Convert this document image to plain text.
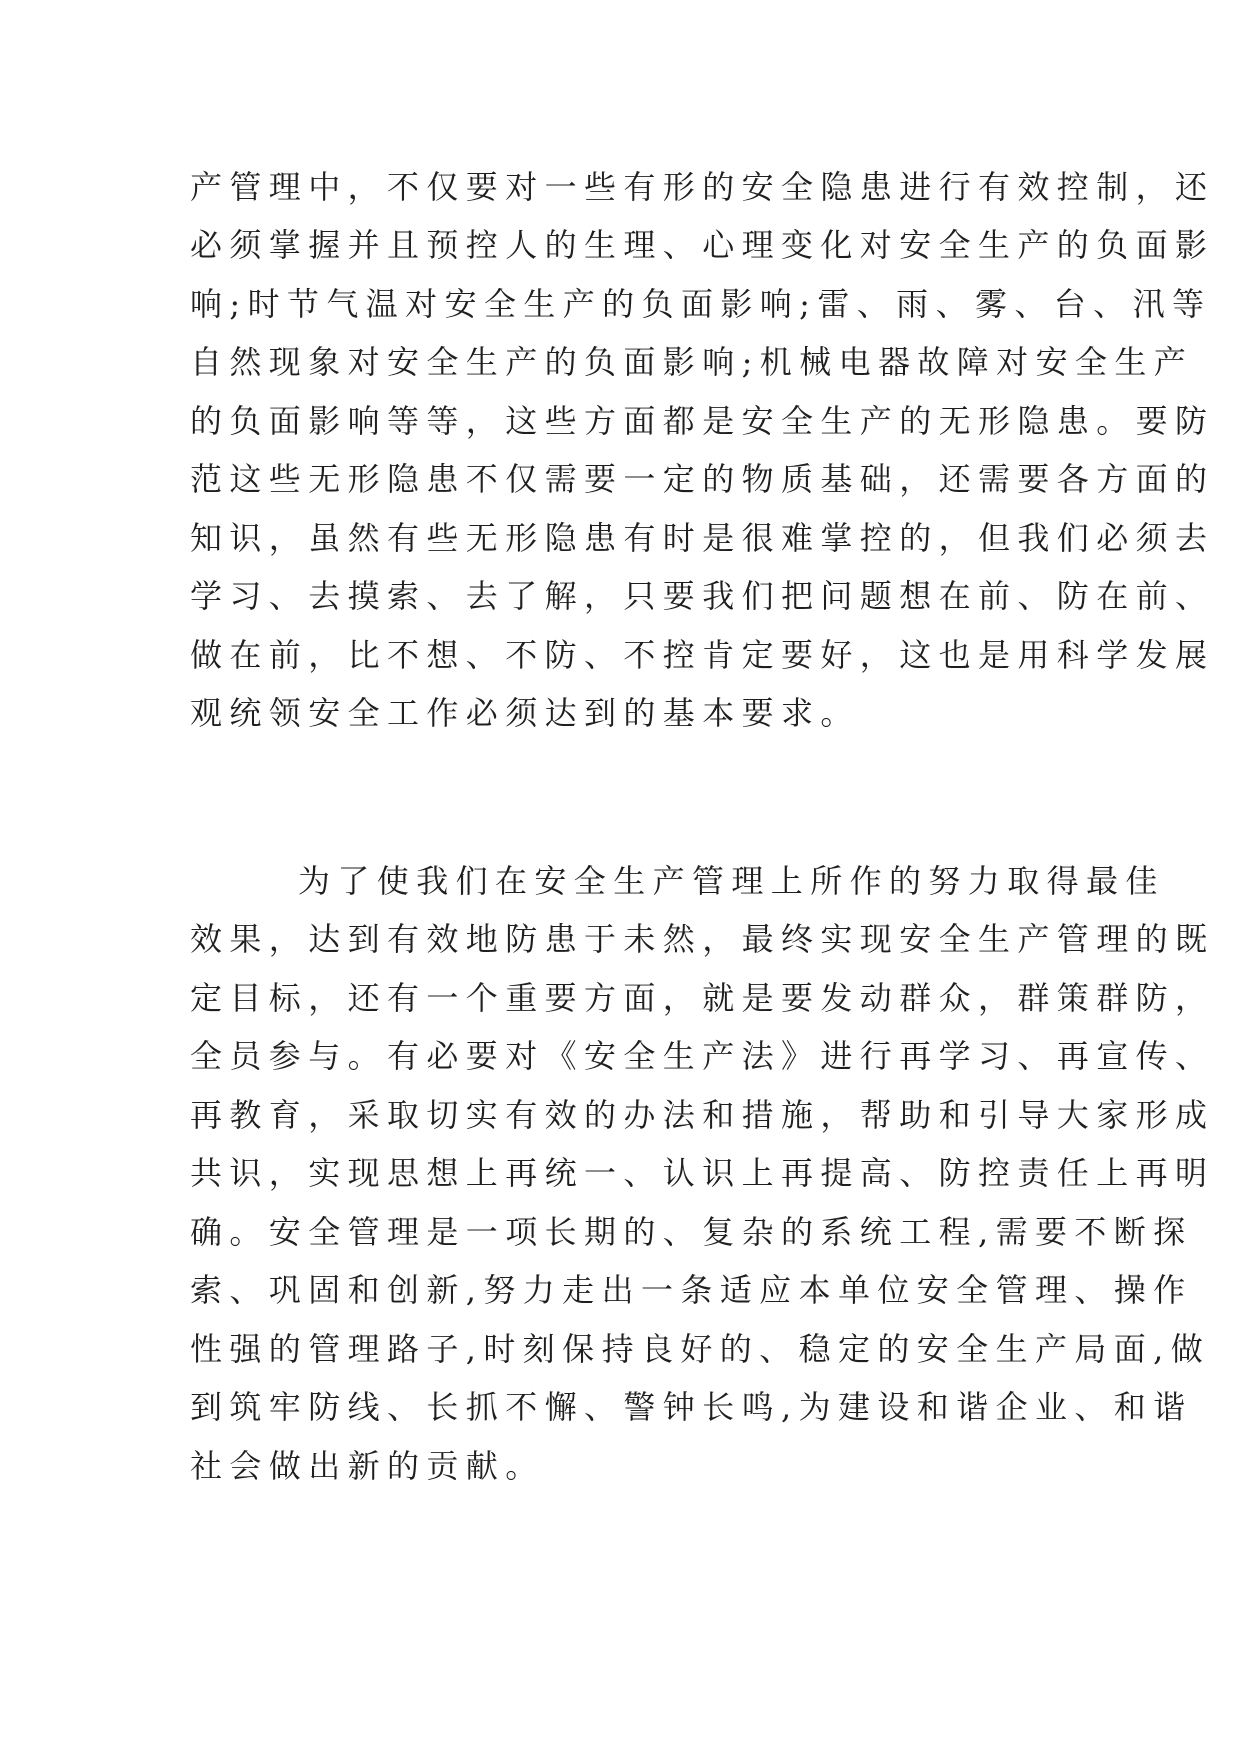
产管理中，不仅要对一些有形的安全隐患进行有效控制，还
必须掌握并且预控人的生理、心理变化对安全生产的负面影
响;时节气温对安全生产的负面影响;雷、雨、雾、台、汛等
自然现象对安全生产的负面影响;机械电器故障对安全生产
的负面影响等等，这些方面都是安全生产的无形隐患。要防
范这些无形隐患不仅需要一定的物质基础，还需要各方面的
知识，虽然有些无形隐患有时是很难掌控的，但我们必须去
学习、去摸索、去了解，只要我们把问题想在前、防在前、
做在前，比不想、不防、不控肯定要好，这也是用科学发展
观统领安全工作必须达到的基本要求。
为了使我们在安全生产管理上所作的努力取得最佳
效果，达到有效地防患于未然，最终实现安全生产管理的既
定目标，还有一个重要方面，就是要发动群众，群策群防，
全员参与。有必要对《安全生产法》进行再学习、再宣传、
再教育，采取切实有效的办法和措施，帮助和引导大家形成
共识，实现思想上再统一、认识上再提高、防控责任上再明
确。安全管理是一项长期的、复杂的系统工程,需要不断探
索、巩固和创新,努力走出一条适应本单位安全管理、操作
性强的管理路子,时刻保持良好的、稳定的安全生产局面,做
到筑牢防线、长抓不懈、警钟长鸣,为建设和谐企业、和谐
社会做出新的贡献。
